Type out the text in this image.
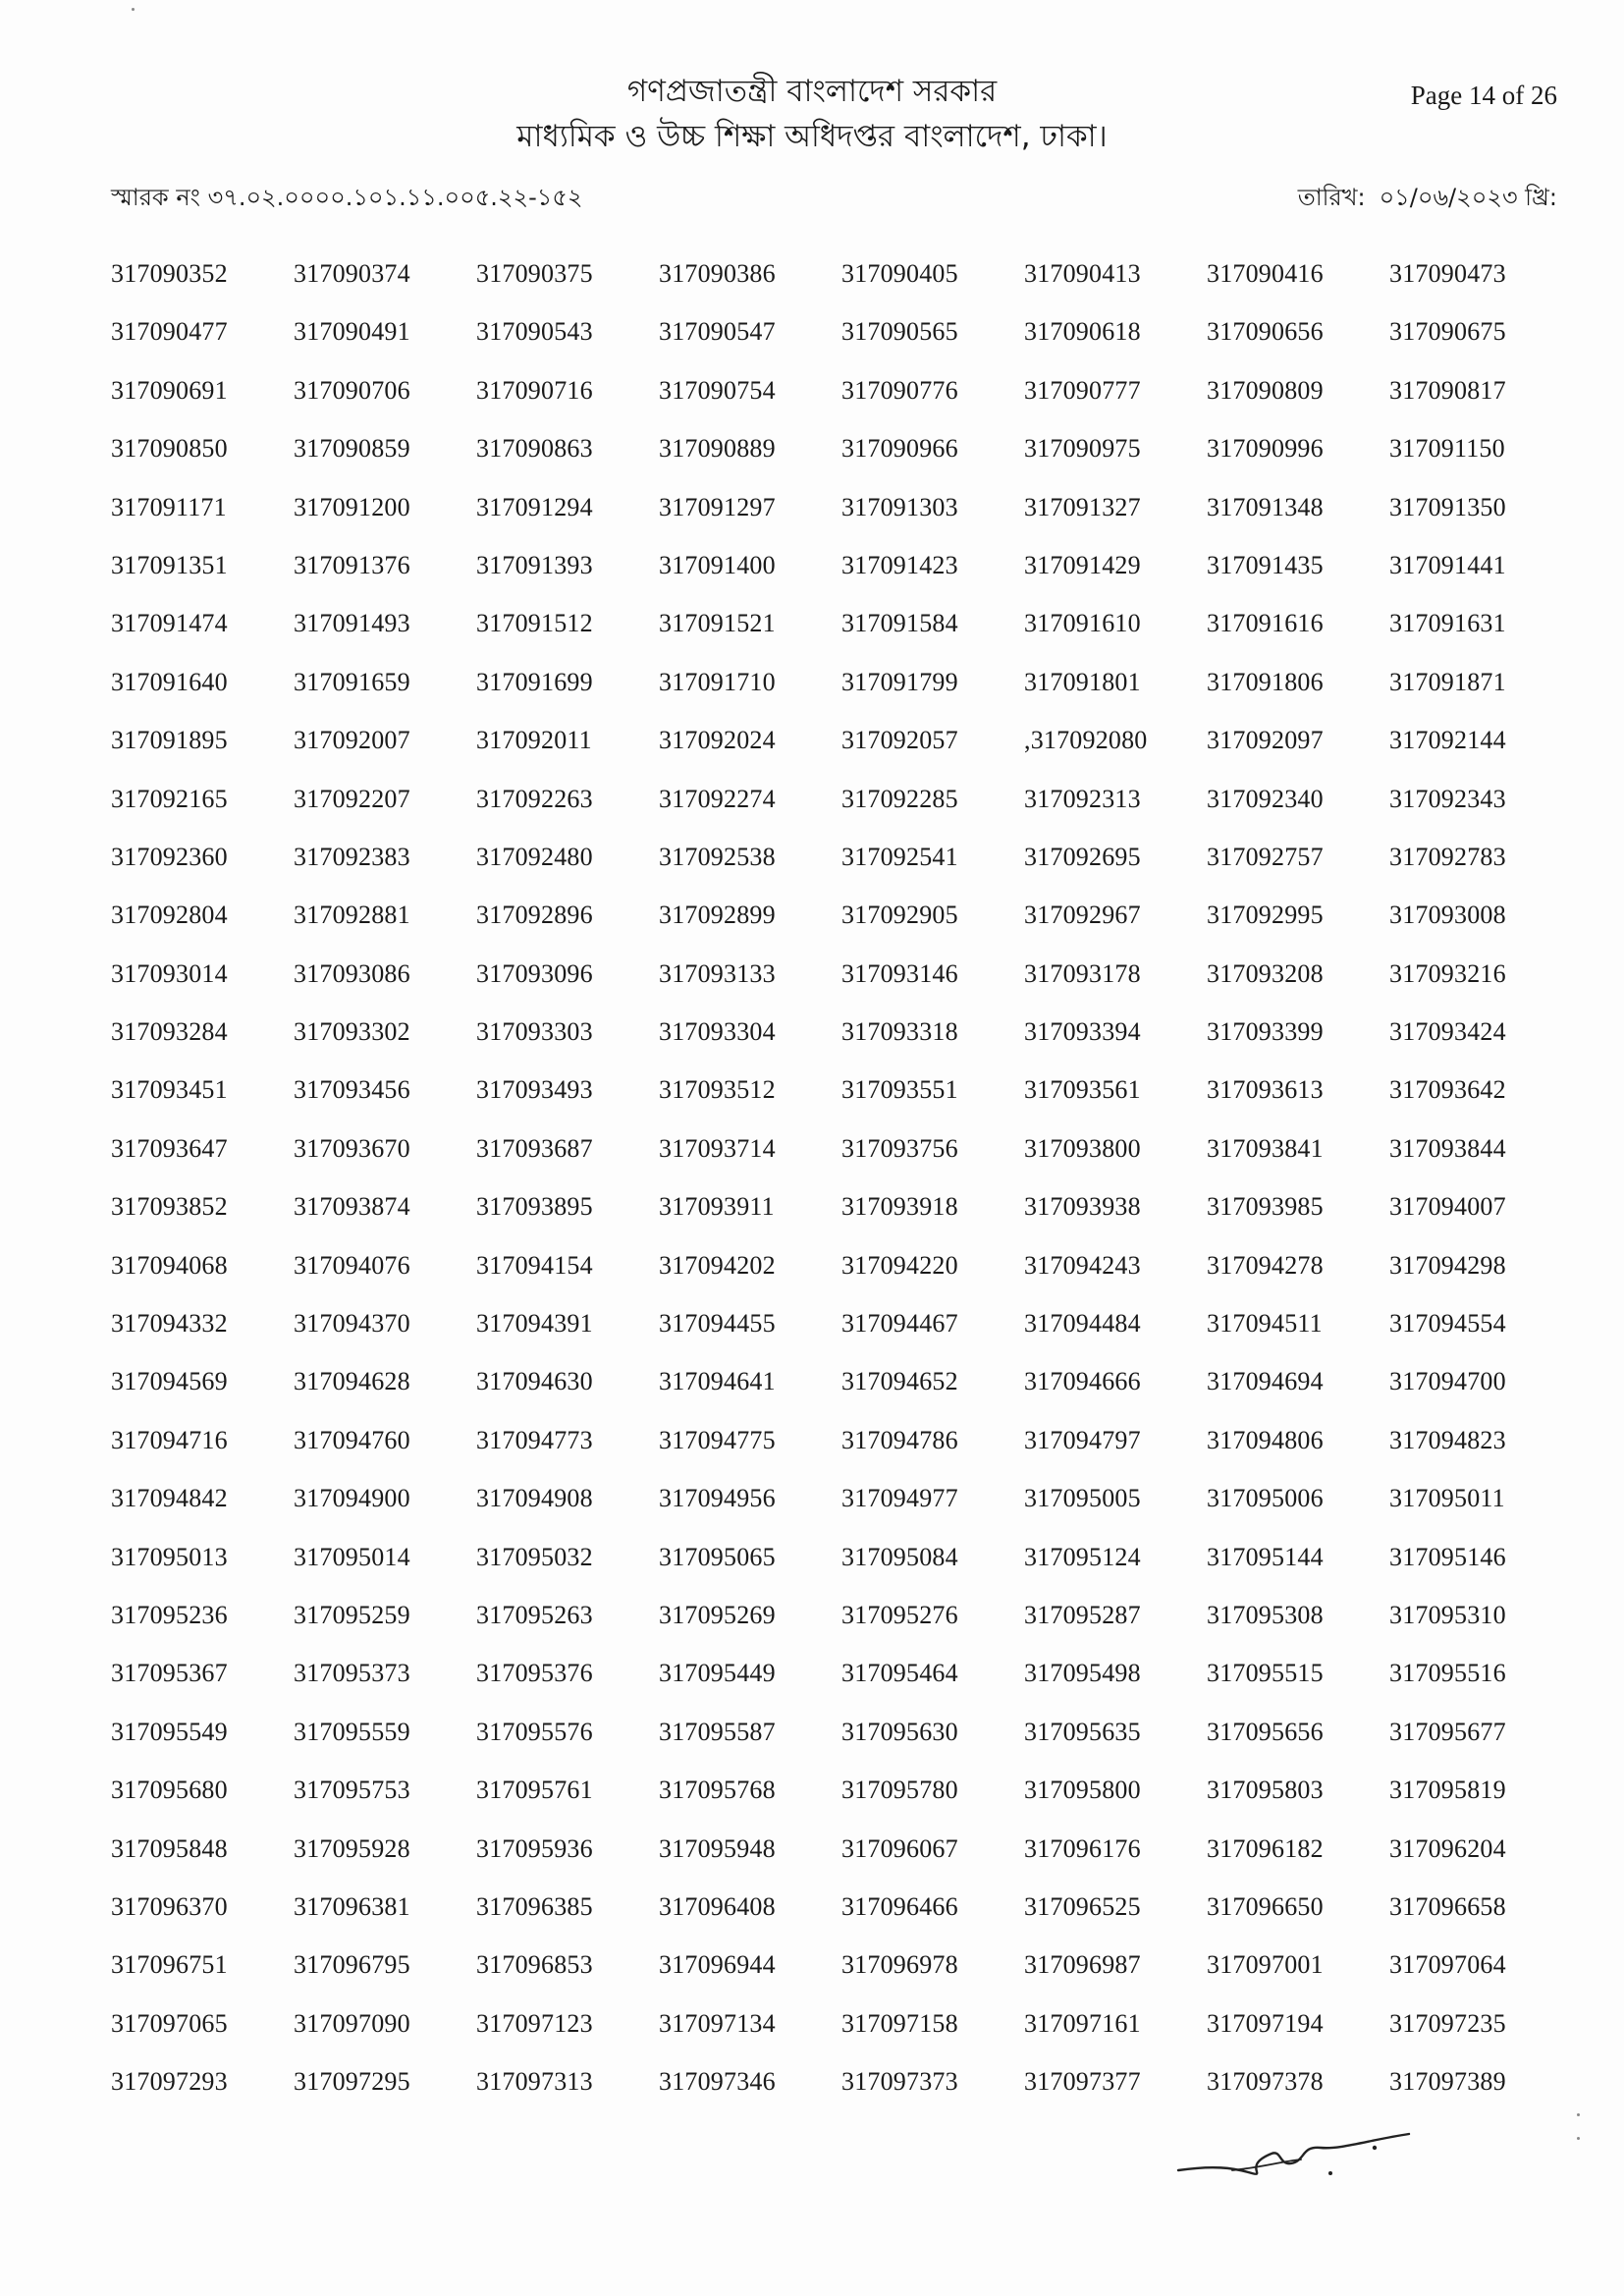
গণপ্রজাতন্ত্রী বাংলাদেশ সরকার
মাধ্যমিক ও উচ্চ শিক্ষা অধিদপ্তর বাংলাদেশ, ঢাকা।
Page 14 of 26
স্মারক নং ৩৭.০২.০০০০.১০১.১১.০০৫.২২-১৫২	তারিখ: ০১/০৬/২০২৩ খ্রি:
317090352	317090374	317090375	317090386	317090405	317090413	317090416	317090473
317090477	317090491	317090543	317090547	317090565	317090618	317090656	317090675
317090691	317090706	317090716	317090754	317090776	317090777	317090809	317090817
317090850	317090859	317090863	317090889	317090966	317090975	317090996	317091150
317091171	317091200	317091294	317091297	317091303	317091327	317091348	317091350
317091351	317091376	317091393	317091400	317091423	317091429	317091435	317091441
317091474	317091493	317091512	317091521	317091584	317091610	317091616	317091631
317091640	317091659	317091699	317091710	317091799	317091801	317091806	317091871
317091895	317092007	317092011	317092024	317092057	,317092080	317092097	317092144
317092165	317092207	317092263	317092274	317092285	317092313	317092340	317092343
317092360	317092383	317092480	317092538	317092541	317092695	317092757	317092783
317092804	317092881	317092896	317092899	317092905	317092967	317092995	317093008
317093014	317093086	317093096	317093133	317093146	317093178	317093208	317093216
317093284	317093302	317093303	317093304	317093318	317093394	317093399	317093424
317093451	317093456	317093493	317093512	317093551	317093561	317093613	317093642
317093647	317093670	317093687	317093714	317093756	317093800	317093841	317093844
317093852	317093874	317093895	317093911	317093918	317093938	317093985	317094007
317094068	317094076	317094154	317094202	317094220	317094243	317094278	317094298
317094332	317094370	317094391	317094455	317094467	317094484	317094511	317094554
317094569	317094628	317094630	317094641	317094652	317094666	317094694	317094700
317094716	317094760	317094773	317094775	317094786	317094797	317094806	317094823
317094842	317094900	317094908	317094956	317094977	317095005	317095006	317095011
317095013	317095014	317095032	317095065	317095084	317095124	317095144	317095146
317095236	317095259	317095263	317095269	317095276	317095287	317095308	317095310
317095367	317095373	317095376	317095449	317095464	317095498	317095515	317095516
317095549	317095559	317095576	317095587	317095630	317095635	317095656	317095677
317095680	317095753	317095761	317095768	317095780	317095800	317095803	317095819
317095848	317095928	317095936	317095948	317096067	317096176	317096182	317096204
317096370	317096381	317096385	317096408	317096466	317096525	317096650	317096658
317096751	317096795	317096853	317096944	317096978	317096987	317097001	317097064
317097065	317097090	317097123	317097134	317097158	317097161	317097194	317097235
317097293	317097295	317097313	317097346	317097373	317097377	317097378	317097389
